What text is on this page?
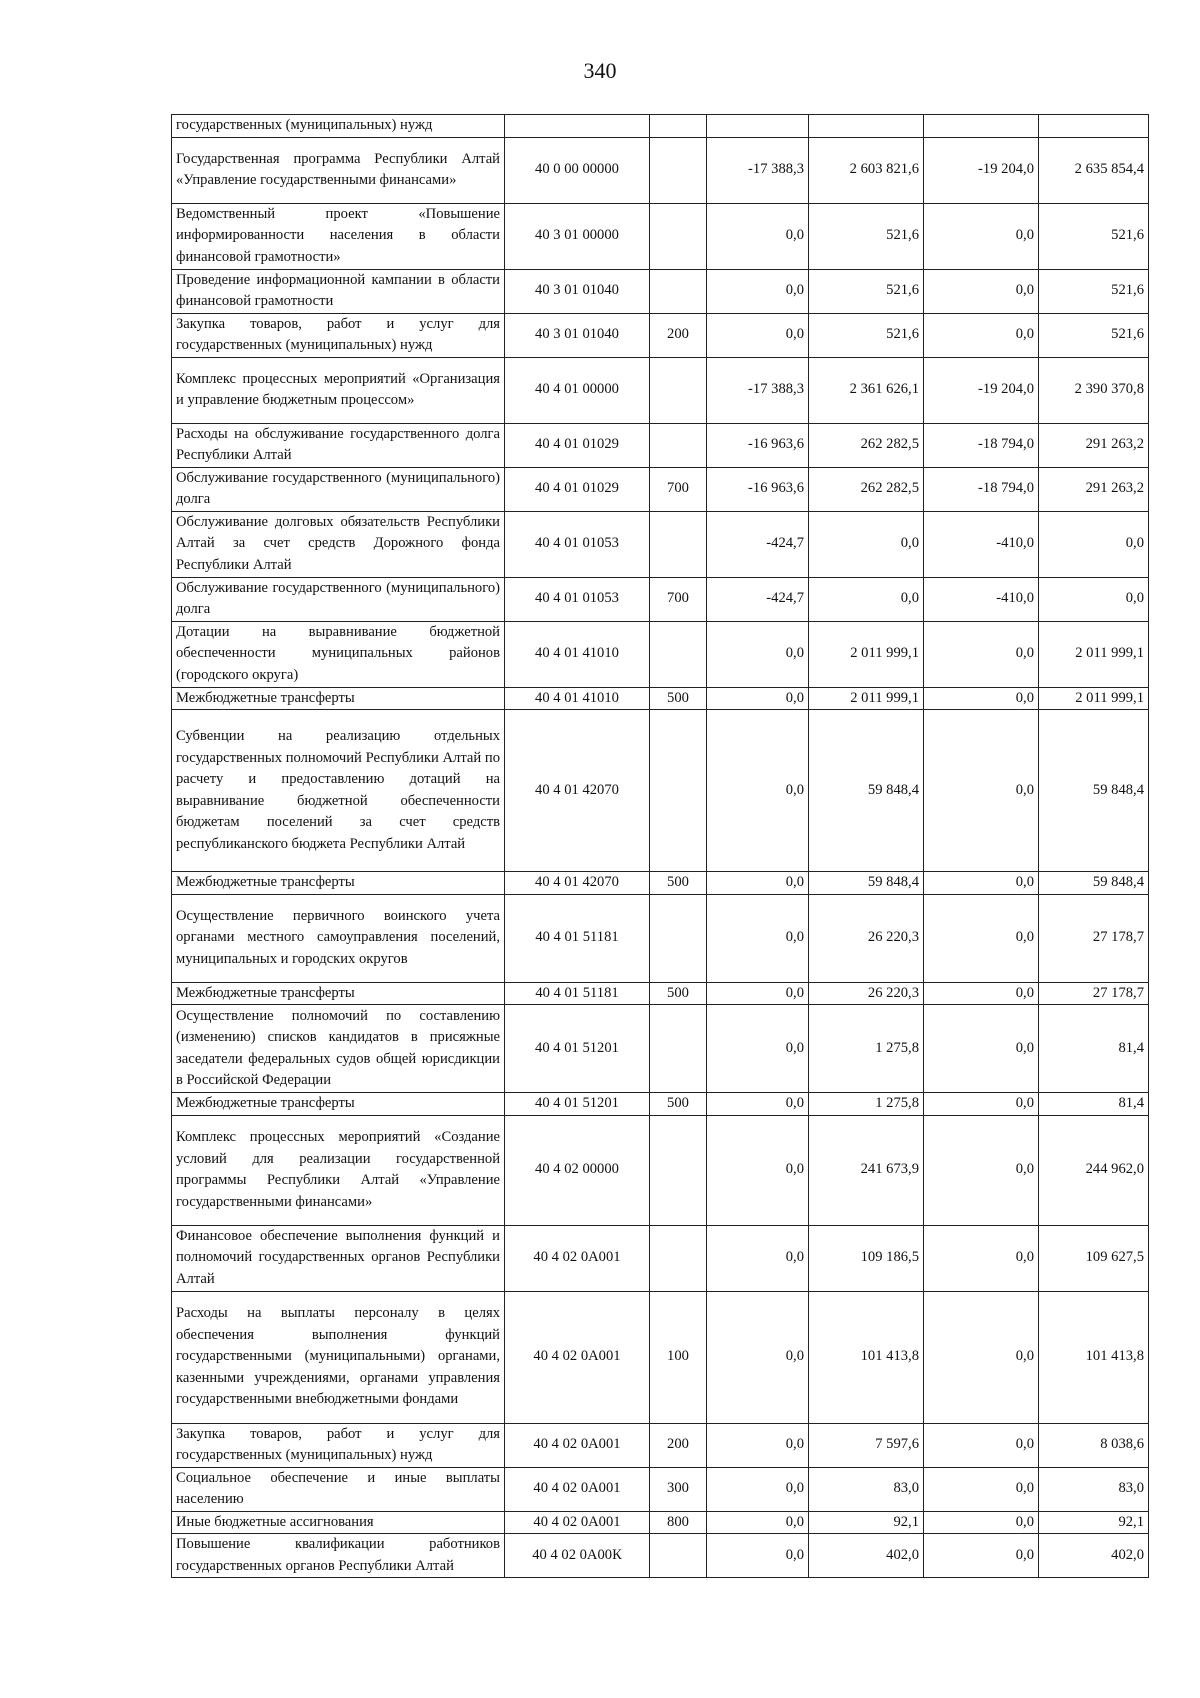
340
государственных (муниципальных) нужд						
Государственная программа Республики Алтай «Управление государственными финансами»	40 0 00 00000		-17 388,3	2 603 821,6	-19 204,0	2 635 854,4
Ведомственный проект «Повышение информированности населения в области финансовой грамотности»	40 3 01 00000		0,0	521,6	0,0	521,6
Проведение информационной кампании в области финансовой грамотности	40 3 01 01040		0,0	521,6	0,0	521,6
Закупка товаров, работ и услуг для государственных (муниципальных) нужд	40 3 01 01040	200	0,0	521,6	0,0	521,6
Комплекс процессных мероприятий «Организация и управление бюджетным процессом»	40 4 01 00000		-17 388,3	2 361 626,1	-19 204,0	2 390 370,8
Расходы на обслуживание государственного долга Республики Алтай	40 4 01 01029		-16 963,6	262 282,5	-18 794,0	291 263,2
Обслуживание государственного (муниципального) долга	40 4 01 01029	700	-16 963,6	262 282,5	-18 794,0	291 263,2
Обслуживание долговых обязательств Республики Алтай за счет средств Дорожного фонда Республики Алтай	40 4 01 01053		-424,7	0,0	-410,0	0,0
Обслуживание государственного (муниципального) долга	40 4 01 01053	700	-424,7	0,0	-410,0	0,0
Дотации на выравнивание бюджетной обеспеченности муниципальных районов (городского округа)	40 4 01 41010		0,0	2 011 999,1	0,0	2 011 999,1
Межбюджетные трансферты	40 4 01 41010	500	0,0	2 011 999,1	0,0	2 011 999,1
Субвенции на реализацию отдельных государственных полномочий Республики Алтай по расчету и предоставлению дотаций на выравнивание бюджетной обеспеченности бюджетам поселений за счет средств республиканского бюджета Республики Алтай	40 4 01 42070		0,0	59 848,4	0,0	59 848,4
Межбюджетные трансферты	40 4 01 42070	500	0,0	59 848,4	0,0	59 848,4
Осуществление первичного воинского учета органами местного самоуправления поселений, муниципальных и городских округов	40 4 01 51181		0,0	26 220,3	0,0	27 178,7
Межбюджетные трансферты	40 4 01 51181	500	0,0	26 220,3	0,0	27 178,7
Осуществление полномочий по составлению (изменению) списков кандидатов в присяжные заседатели федеральных судов общей юрисдикции в Российской Федерации	40 4 01 51201		0,0	1 275,8	0,0	81,4
Межбюджетные трансферты	40 4 01 51201	500	0,0	1 275,8	0,0	81,4
Комплекс процессных мероприятий «Создание условий для реализации государственной программы Республики Алтай «Управление государственными финансами»	40 4 02 00000		0,0	241 673,9	0,0	244 962,0
Финансовое обеспечение выполнения функций и полномочий государственных органов Республики Алтай	40 4 02 0А001		0,0	109 186,5	0,0	109 627,5
Расходы на выплаты персоналу в целях обеспечения выполнения функций государственными (муниципальными) органами, казенными учреждениями, органами управления государственными внебюджетными фондами	40 4 02 0А001	100	0,0	101 413,8	0,0	101 413,8
Закупка товаров, работ и услуг для государственных (муниципальных) нужд	40 4 02 0А001	200	0,0	7 597,6	0,0	8 038,6
Социальное обеспечение и иные выплаты населению	40 4 02 0А001	300	0,0	83,0	0,0	83,0
Иные бюджетные ассигнования	40 4 02 0А001	800	0,0	92,1	0,0	92,1
Повышение квалификации работников государственных органов Республики Алтай	40 4 02 0А00К		0,0	402,0	0,0	402,0
